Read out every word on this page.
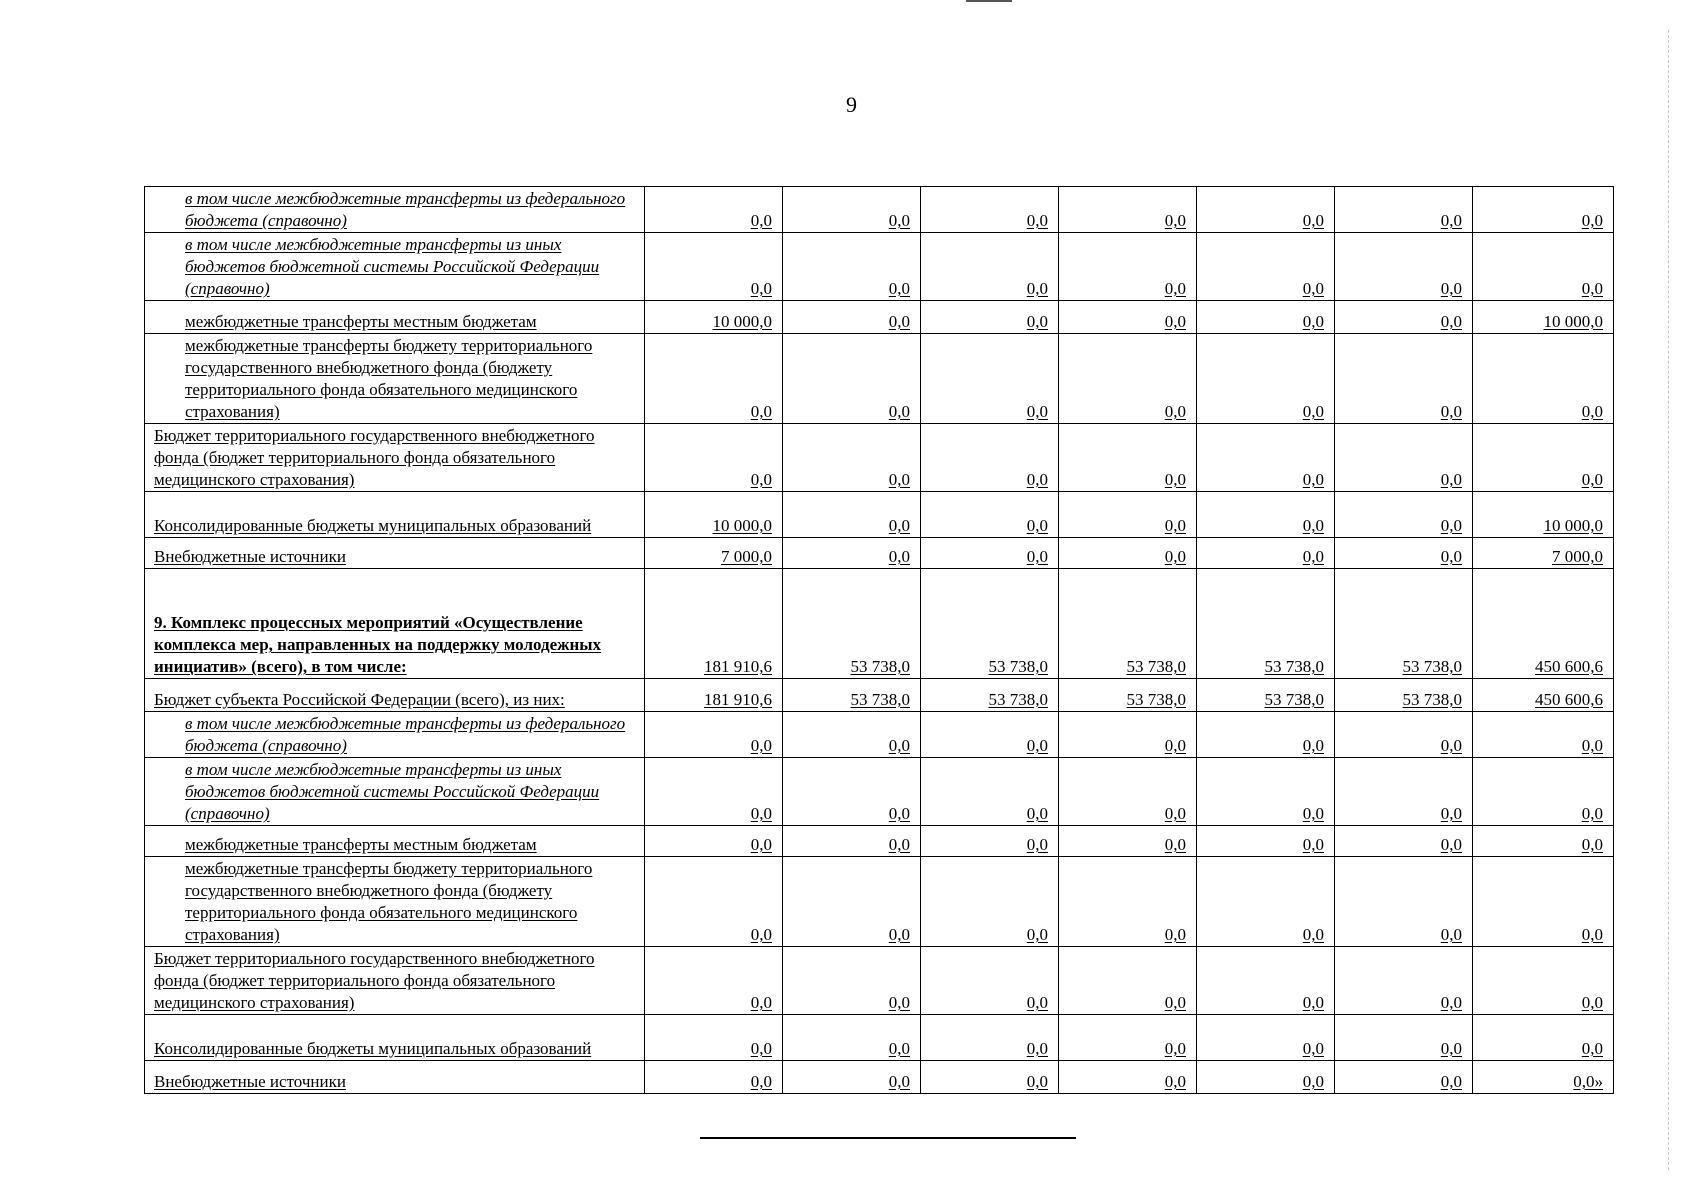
9
в том числе межбюджетные трансферты из федерального бюджета (справочно)	0,0	0,0	0,0	0,0	0,0	0,0	0,0
в том числе межбюджетные трансферты из иных бюджетов бюджетной системы Российской Федерации (справочно)	0,0	0,0	0,0	0,0	0,0	0,0	0,0
межбюджетные трансферты местным бюджетам	10 000,0	0,0	0,0	0,0	0,0	0,0	10 000,0
межбюджетные трансферты бюджету территориального государственного внебюджетного фонда (бюджету территориального фонда обязательного медицинского страхования)	0,0	0,0	0,0	0,0	0,0	0,0	0,0
Бюджет территориального государственного внебюджетного фонда (бюджет территориального фонда обязательного медицинского страхования)	0,0	0,0	0,0	0,0	0,0	0,0	0,0
Консолидированные бюджеты муниципальных образований	10 000,0	0,0	0,0	0,0	0,0	0,0	10 000,0
Внебюджетные источники	7 000,0	0,0	0,0	0,0	0,0	0,0	7 000,0
9. Комплекс процессных мероприятий «Осуществление комплекса мер, направленных на поддержку молодежных инициатив» (всего), в том числе:	181 910,6	53 738,0	53 738,0	53 738,0	53 738,0	53 738,0	450 600,6
Бюджет субъекта Российской Федерации (всего), из них:	181 910,6	53 738,0	53 738,0	53 738,0	53 738,0	53 738,0	450 600,6
в том числе межбюджетные трансферты из федерального бюджета (справочно)	0,0	0,0	0,0	0,0	0,0	0,0	0,0
в том числе межбюджетные трансферты из иных бюджетов бюджетной системы Российской Федерации (справочно)	0,0	0,0	0,0	0,0	0,0	0,0	0,0
межбюджетные трансферты местным бюджетам	0,0	0,0	0,0	0,0	0,0	0,0	0,0
межбюджетные трансферты бюджету территориального государственного внебюджетного фонда (бюджету территориального фонда обязательного медицинского страхования)	0,0	0,0	0,0	0,0	0,0	0,0	0,0
Бюджет территориального государственного внебюджетного фонда (бюджет территориального фонда обязательного медицинского страхования)	0,0	0,0	0,0	0,0	0,0	0,0	0,0
Консолидированные бюджеты муниципальных образований	0,0	0,0	0,0	0,0	0,0	0,0	0,0
Внебюджетные источники	0,0	0,0	0,0	0,0	0,0	0,0	0,0»
